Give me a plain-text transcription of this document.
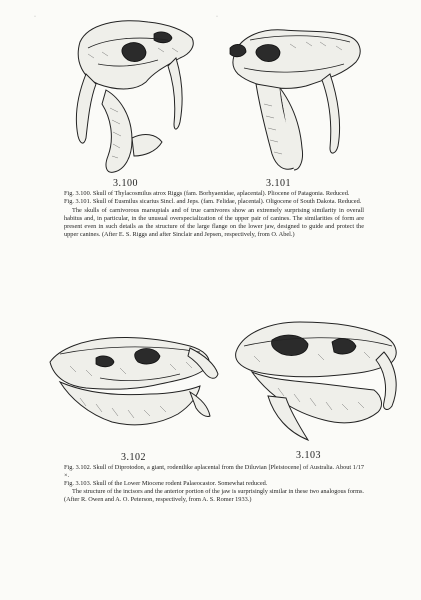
·	·
3.100	3.101

Fig. 3.100. Skull of Thylacosmilus atrox Riggs (fam. Borhyaenidae, aplacental). Pliocene of Patagonia. Reduced.

Fig. 3.101. Skull of Eusmilus sicarius Sincl. and Jeps. (fam. Felidae, placental). Oligocene of South Dakota. Reduced.

The skulls of carnivorous marsupials and of true carnivores show an extremely surprising similarity in overall habitus and, in particular, in the unusual overspecialization of the upper pair of canines. The similarities of form are present even in such details as the structure of the large flange on the lower jaw, designed to guide and protect the upper canines. (After E. S. Riggs and after Sinclair and Jepsen, respectively, from O. Abel.)

3.102	3.103

Fig. 3.102. Skull of Diprotodon, a giant, rodentlike aplacental from the Diluvian [Pleistocene] of Australia. About 1/17 ×.

Fig. 3.103. Skull of the Lower Miocene rodent Palaeocastor. Somewhat reduced.

The structure of the incisors and the anterior portion of the jaw is surprisingly similar in these two analogous forms. (After R. Owen and A. O. Peterson, respectively, from A. S. Romer 1933.)
